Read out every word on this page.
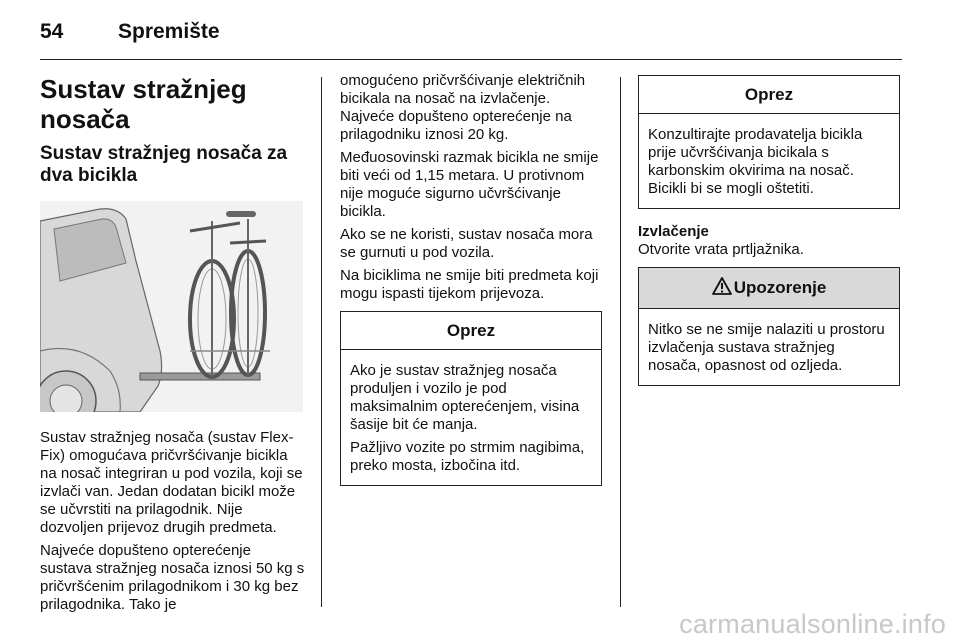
54	Spremište
Sustav stražnjeg nosača
Sustav stražnjeg nosača za dva bicikla

Sustav stražnjeg nosača (sustav Flex-Fix) omogućava pričvršćivanje bicikla na nosač integriran u pod vozila, koji se izvlači van. Jedan dodatan bicikl može se učvrstiti na prilagodnik. Nije dozvoljen prijevoz drugih predmeta.

Najveće dopušteno opterećenje sustava stražnjeg nosača iznosi 50 kg s pričvršćenim prilagodnikom i 30 kg bez prilagodnika. Tako je

omogućeno pričvršćivanje električnih bicikala na nosač na izvlačenje. Najveće dopušteno opterećenje na prilagodniku iznosi 20 kg.

Međuosovinski razmak bicikla ne smije biti veći od 1,15 metara. U protivnom nije moguće sigurno učvršćivanje bicikla.

Ako se ne koristi, sustav nosača mora se gurnuti u pod vozila.

Na biciklima ne smije biti predmeta koji mogu ispasti tijekom prijevoza.

Oprez

Ako je sustav stražnjeg nosača produljen i vozilo je pod maksimalnim opterećenjem, visina šasije bit će manja.

Pažljivo vozite po strmim nagibima, preko mosta, izbočina itd.

Oprez

Konzultirajte prodavatelja bicikla prije učvršćivanja bicikala s karbonskim okvirima na nosač. Bicikli bi se mogli oštetiti.

Izvlačenje

Otvorite vrata prtljažnika.

Upozorenje

Nitko se ne smije nalaziti u prostoru izvlačenja sustava stražnjeg nosača, opasnost od ozljeda.

carmanualsonline.info
